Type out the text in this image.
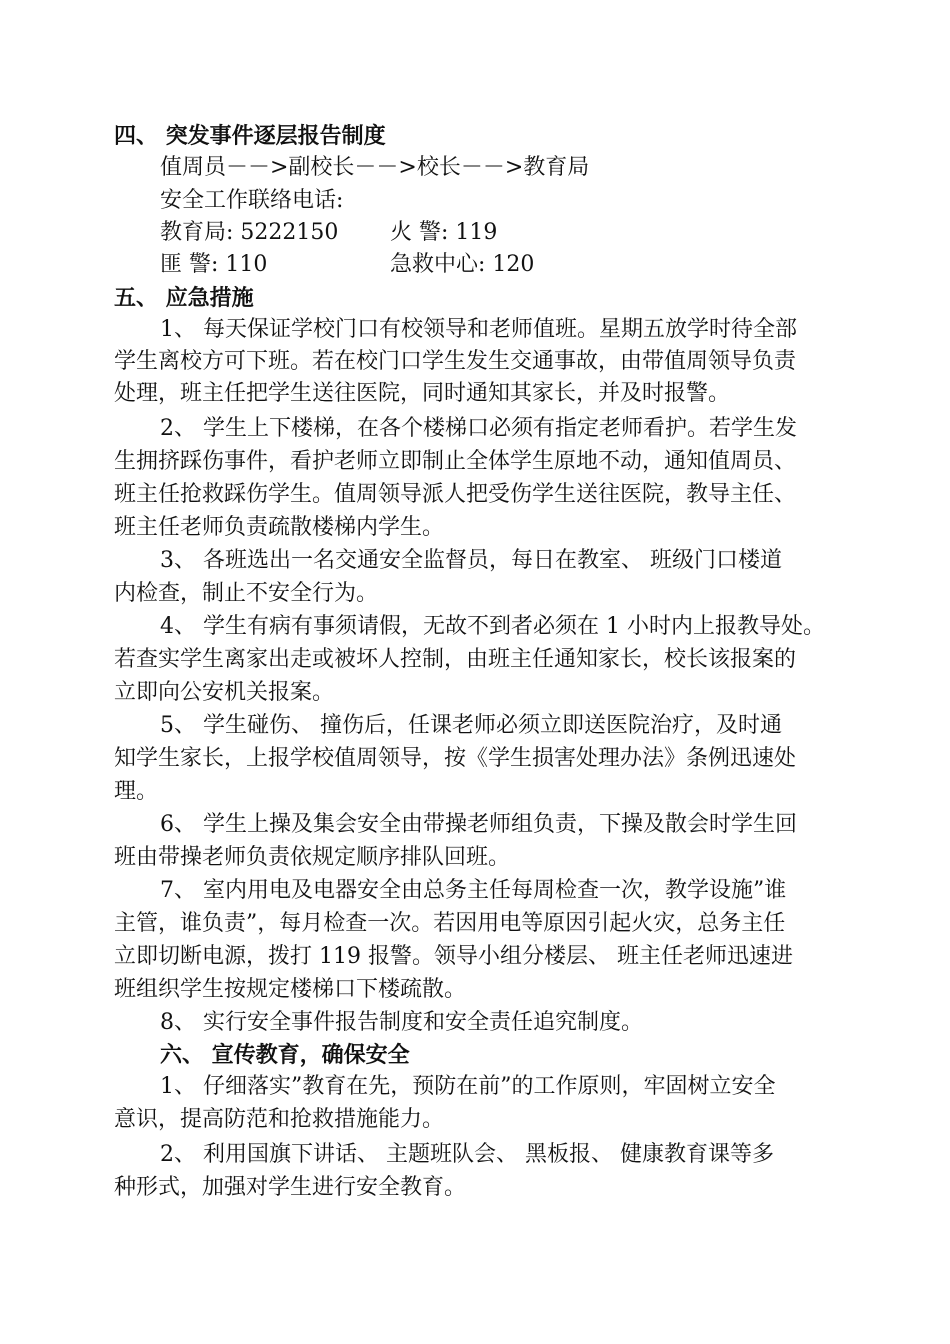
四、 突发事件逐层报告制度
值周员－－>副校长－－>校长－－>教育局
安全工作联络电话:
教育局: 5222150 火 警: 119
匪 警: 110	急救中心: 120
五、 应急措施
1、 每天保证学校门口有校领导和老师值班。星期五放学时待全部
学生离校方可下班。若在校门口学生发生交通事故，由带值周领导负责
处理，班主任把学生送往医院，同时通知其家长，并及时报警。
2、 学生上下楼梯，在各个楼梯口必须有指定老师看护。若学生发
生拥挤踩伤事件，看护老师立即制止全体学生原地不动，通知值周员、
班主任抢救踩伤学生。值周领导派人把受伤学生送往医院，教导主任、
班主任老师负责疏散楼梯内学生。
3、 各班选出一名交通安全监督员，每日在教室、 班级门口楼道
内检查，制止不安全行为。
4、 学生有病有事须请假，无故不到者必须在 1 小时内上报教导处。
若查实学生离家出走或被坏人控制，由班主任通知家长，校长该报案的
立即向公安机关报案。
5、 学生碰伤、 撞伤后，任课老师必须立即送医院治疗，及时通
知学生家长，上报学校值周领导，按《学生损害处理办法》条例迅速处
理。
6、 学生上操及集会安全由带操老师组负责，下操及散会时学生回
班由带操老师负责依规定顺序排队回班。
7、 室内用电及电器安全由总务主任每周检查一次，教学设施”谁
主管，谁负责”，每月检查一次。若因用电等原因引起火灾，总务主任
立即切断电源，拨打 119 报警。领导小组分楼层、 班主任老师迅速进
班组织学生按规定楼梯口下楼疏散。
8、 实行安全事件报告制度和安全责任追究制度。
六、 宣传教育，确保安全
1、 仔细落实”教育在先，预防在前”的工作原则，牢固树立安全
意识，提高防范和抢救措施能力。
2、 利用国旗下讲话、 主题班队会、 黑板报、 健康教育课等多
种形式，加强对学生进行安全教育。
